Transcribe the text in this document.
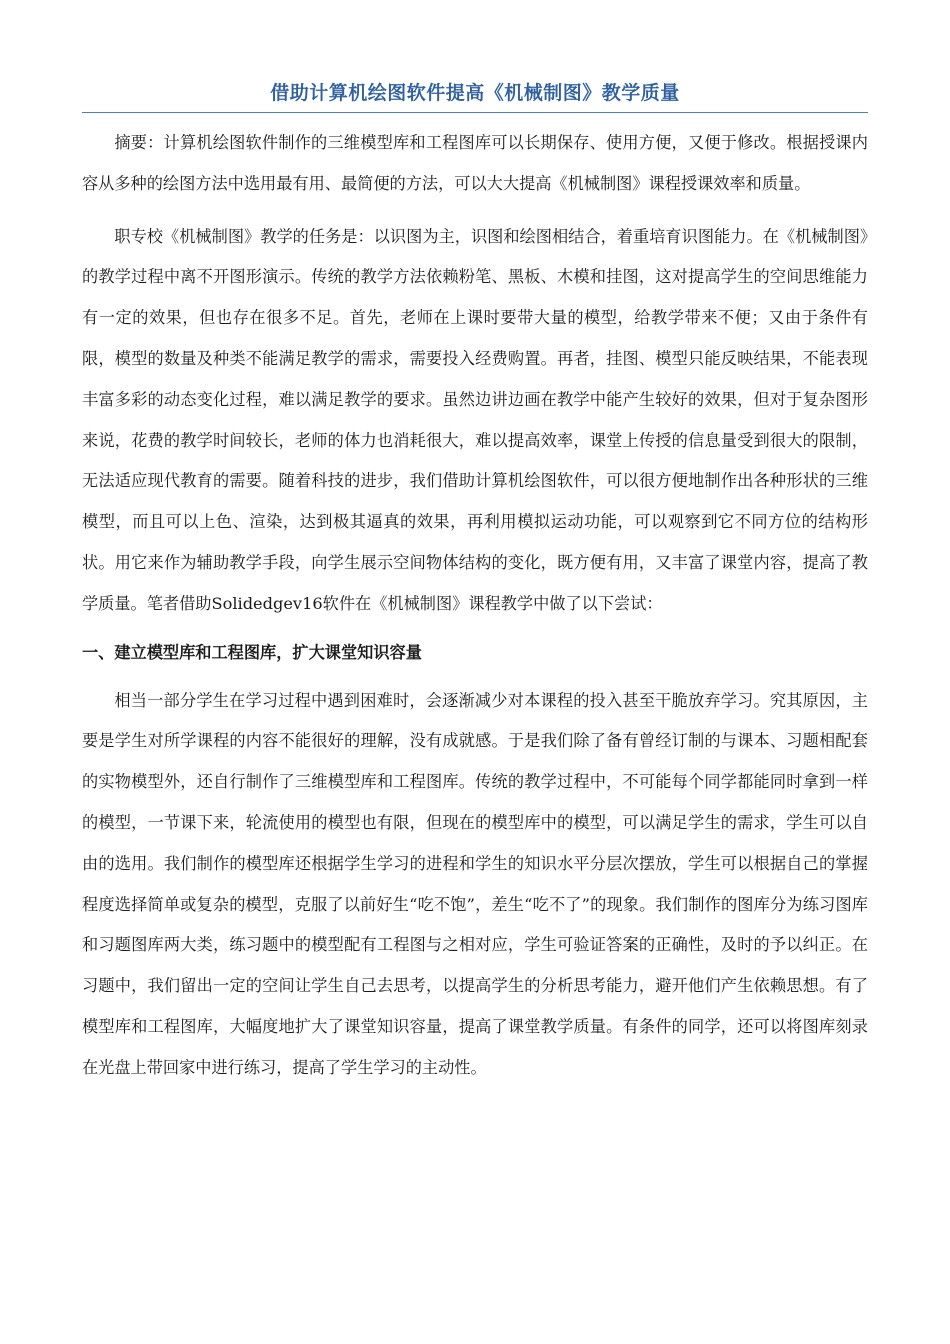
借助计算机绘图软件提高《机械制图》教学质量

摘要：计算机绘图软件制作的三维模型库和工程图库可以长期保存、使用方便，又便于修改。根据授课内容从多种的绘图方法中选用最有用、最简便的方法，可以大大提高《机械制图》课程授课效率和质量。

职专校《机械制图》教学的任务是：以识图为主，识图和绘图相结合，着重培育识图能力。在《机械制图》的教学过程中离不开图形演示。传统的教学方法依赖粉笔、黑板、木模和挂图，这对提高学生的空间思维能力有一定的效果，但也存在很多不足。首先，老师在上课时要带大量的模型，给教学带来不便；又由于条件有限，模型的数量及种类不能满足教学的需求，需要投入经费购置。再者，挂图、模型只能反映结果，不能表现丰富多彩的动态变化过程，难以满足教学的要求。虽然边讲边画在教学中能产生较好的效果，但对于复杂图形来说，花费的教学时间较长，老师的体力也消耗很大，难以提高效率，课堂上传授的信息量受到很大的限制，无法适应现代教育的需要。随着科技的进步，我们借助计算机绘图软件，可以很方便地制作出各种形状的三维模型，而且可以上色、渲染，达到极其逼真的效果，再利用模拟运动功能，可以观察到它不同方位的结构形状。用它来作为辅助教学手段，向学生展示空间物体结构的变化，既方便有用，又丰富了课堂内容，提高了教学质量。笔者借助Solidedgev16软件在《机械制图》课程教学中做了以下尝试：

一、建立模型库和工程图库，扩大课堂知识容量

相当一部分学生在学习过程中遇到困难时，会逐渐减少对本课程的投入甚至干脆放弃学习。究其原因，主要是学生对所学课程的内容不能很好的理解，没有成就感。于是我们除了备有曾经订制的与课本、习题相配套的实物模型外，还自行制作了三维模型库和工程图库。传统的教学过程中，不可能每个同学都能同时拿到一样的模型，一节课下来，轮流使用的模型也有限，但现在的模型库中的模型，可以满足学生的需求，学生可以自由的选用。我们制作的模型库还根据学生学习的进程和学生的知识水平分层次摆放，学生可以根据自己的掌握程度选择简单或复杂的模型，克服了以前好生“吃不饱”，差生“吃不了”的现象。我们制作的图库分为练习图库和习题图库两大类，练习题中的模型配有工程图与之相对应，学生可验证答案的正确性，及时的予以纠正。在习题中，我们留出一定的空间让学生自己去思考，以提高学生的分析思考能力，避开他们产生依赖思想。有了模型库和工程图库，大幅度地扩大了课堂知识容量，提高了课堂教学质量。有条件的同学，还可以将图库刻录在光盘上带回家中进行练习，提高了学生学习的主动性。
